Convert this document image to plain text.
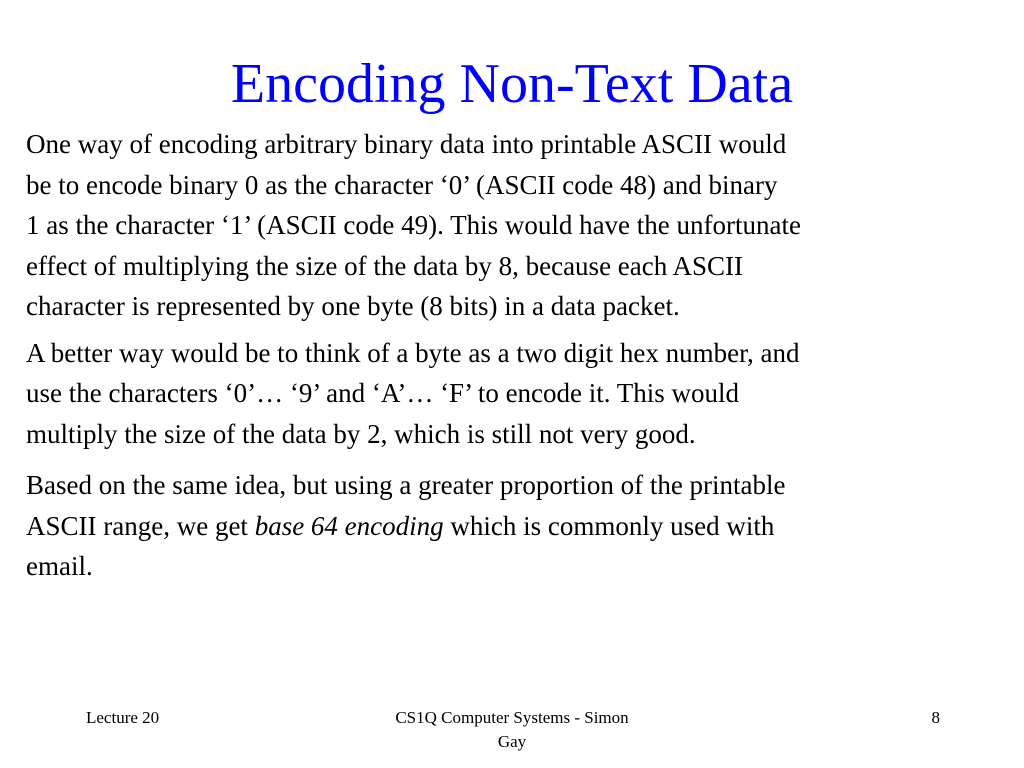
Encoding Non-Text Data

One way of encoding arbitrary binary data into printable ASCII would
be to encode binary 0 as the character ‘0’ (ASCII code 48) and binary
1 as the character ‘1’ (ASCII code 49). This would have the unfortunate
effect of multiplying the size of the data by 8, because each ASCII
character is represented by one byte (8 bits) in a data packet.

A better way would be to think of a byte as a two digit hex number, and
use the characters ‘0’… ‘9’ and ‘A’… ‘F’ to encode it. This would
multiply the size of the data by 2, which is still not very good.

Based on the same idea, but using a greater proportion of the printable
ASCII range, we get base 64 encoding which is commonly used with
email.

Lecture 20	CS1Q Computer Systems - Simon
Gay
8
